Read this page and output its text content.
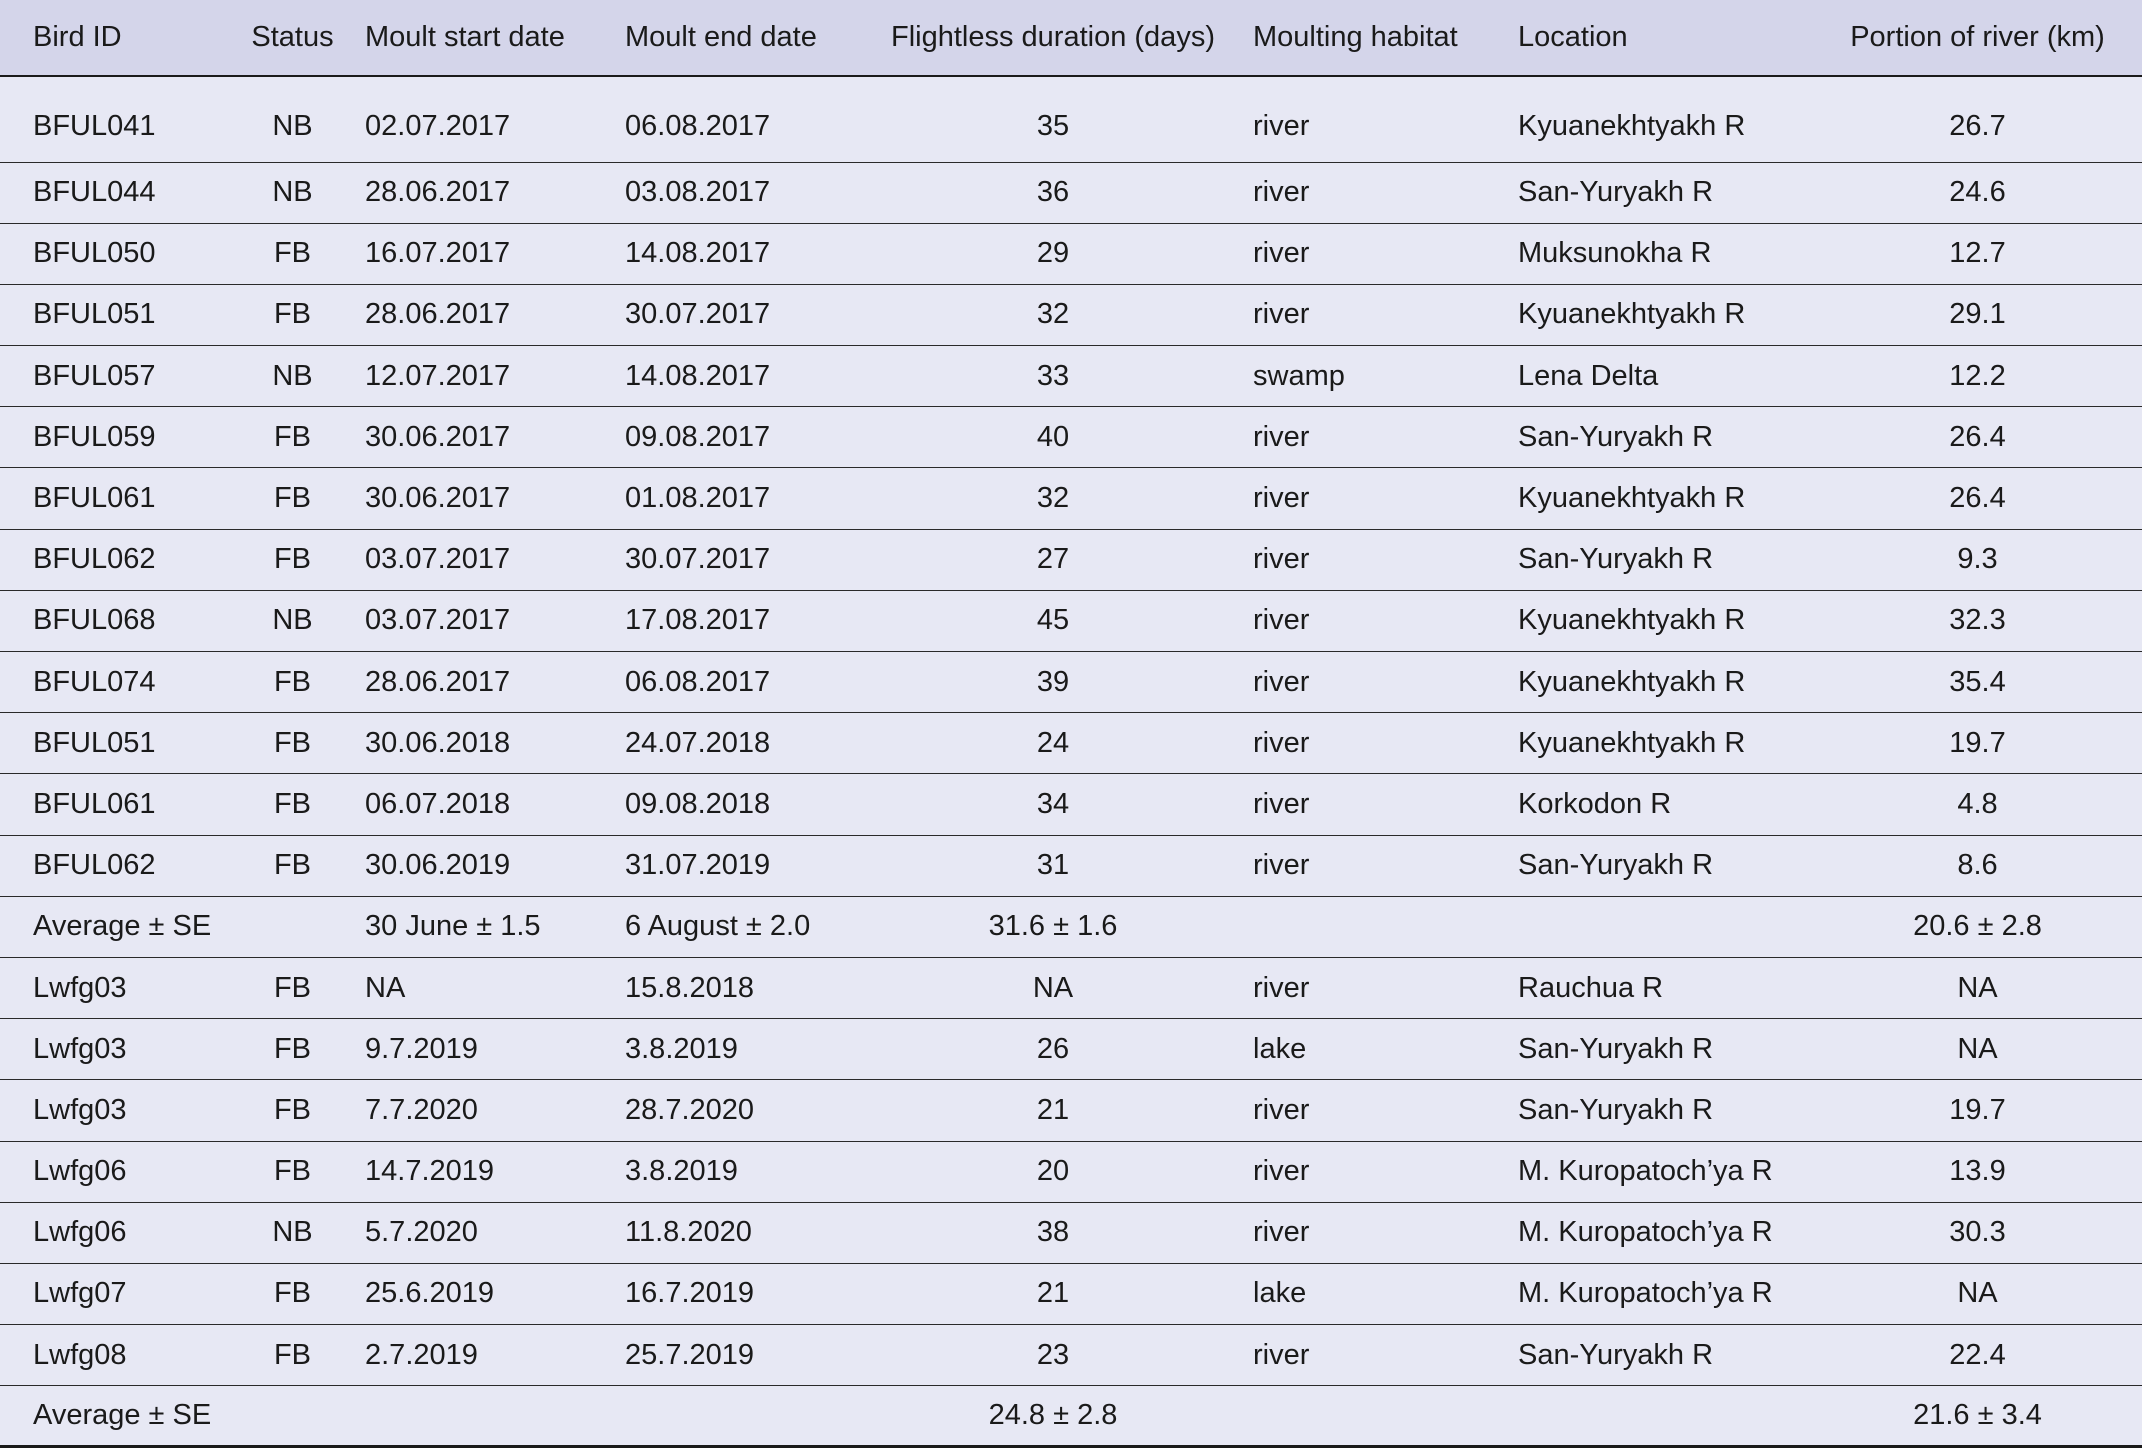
Bird ID	Status	Moult start date	Moult end date	Flightless duration (days)	Moulting habitat	Location	Portion of river (km)
BFUL041	NB	02.07.2017	06.08.2017	35	river	Kyuanekhtyakh R	26.7
BFUL044	NB	28.06.2017	03.08.2017	36	river	San-Yuryakh R	24.6
BFUL050	FB	16.07.2017	14.08.2017	29	river	Muksunokha R	12.7
BFUL051	FB	28.06.2017	30.07.2017	32	river	Kyuanekhtyakh R	29.1
BFUL057	NB	12.07.2017	14.08.2017	33	swamp	Lena Delta	12.2
BFUL059	FB	30.06.2017	09.08.2017	40	river	San-Yuryakh R	26.4
BFUL061	FB	30.06.2017	01.08.2017	32	river	Kyuanekhtyakh R	26.4
BFUL062	FB	03.07.2017	30.07.2017	27	river	San-Yuryakh R	9.3
BFUL068	NB	03.07.2017	17.08.2017	45	river	Kyuanekhtyakh R	32.3
BFUL074	FB	28.06.2017	06.08.2017	39	river	Kyuanekhtyakh R	35.4
BFUL051	FB	30.06.2018	24.07.2018	24	river	Kyuanekhtyakh R	19.7
BFUL061	FB	06.07.2018	09.08.2018	34	river	Korkodon R	4.8
BFUL062	FB	30.06.2019	31.07.2019	31	river	San-Yuryakh R	8.6
Average ± SE		30 June ± 1.5	6 August ± 2.0	31.6 ± 1.6			20.6 ± 2.8
Lwfg03	FB	NA	15.8.2018	NA	river	Rauchua R	NA
Lwfg03	FB	9.7.2019	3.8.2019	26	lake	San-Yuryakh R	NA
Lwfg03	FB	7.7.2020	28.7.2020	21	river	San-Yuryakh R	19.7
Lwfg06	FB	14.7.2019	3.8.2019	20	river	M. Kuropatoch’ya R	13.9
Lwfg06	NB	5.7.2020	11.8.2020	38	river	M. Kuropatoch’ya R	30.3
Lwfg07	FB	25.6.2019	16.7.2019	21	lake	M. Kuropatoch’ya R	NA
Lwfg08	FB	2.7.2019	25.7.2019	23	river	San-Yuryakh R	22.4
Average ± SE				24.8 ± 2.8			21.6 ± 3.4
